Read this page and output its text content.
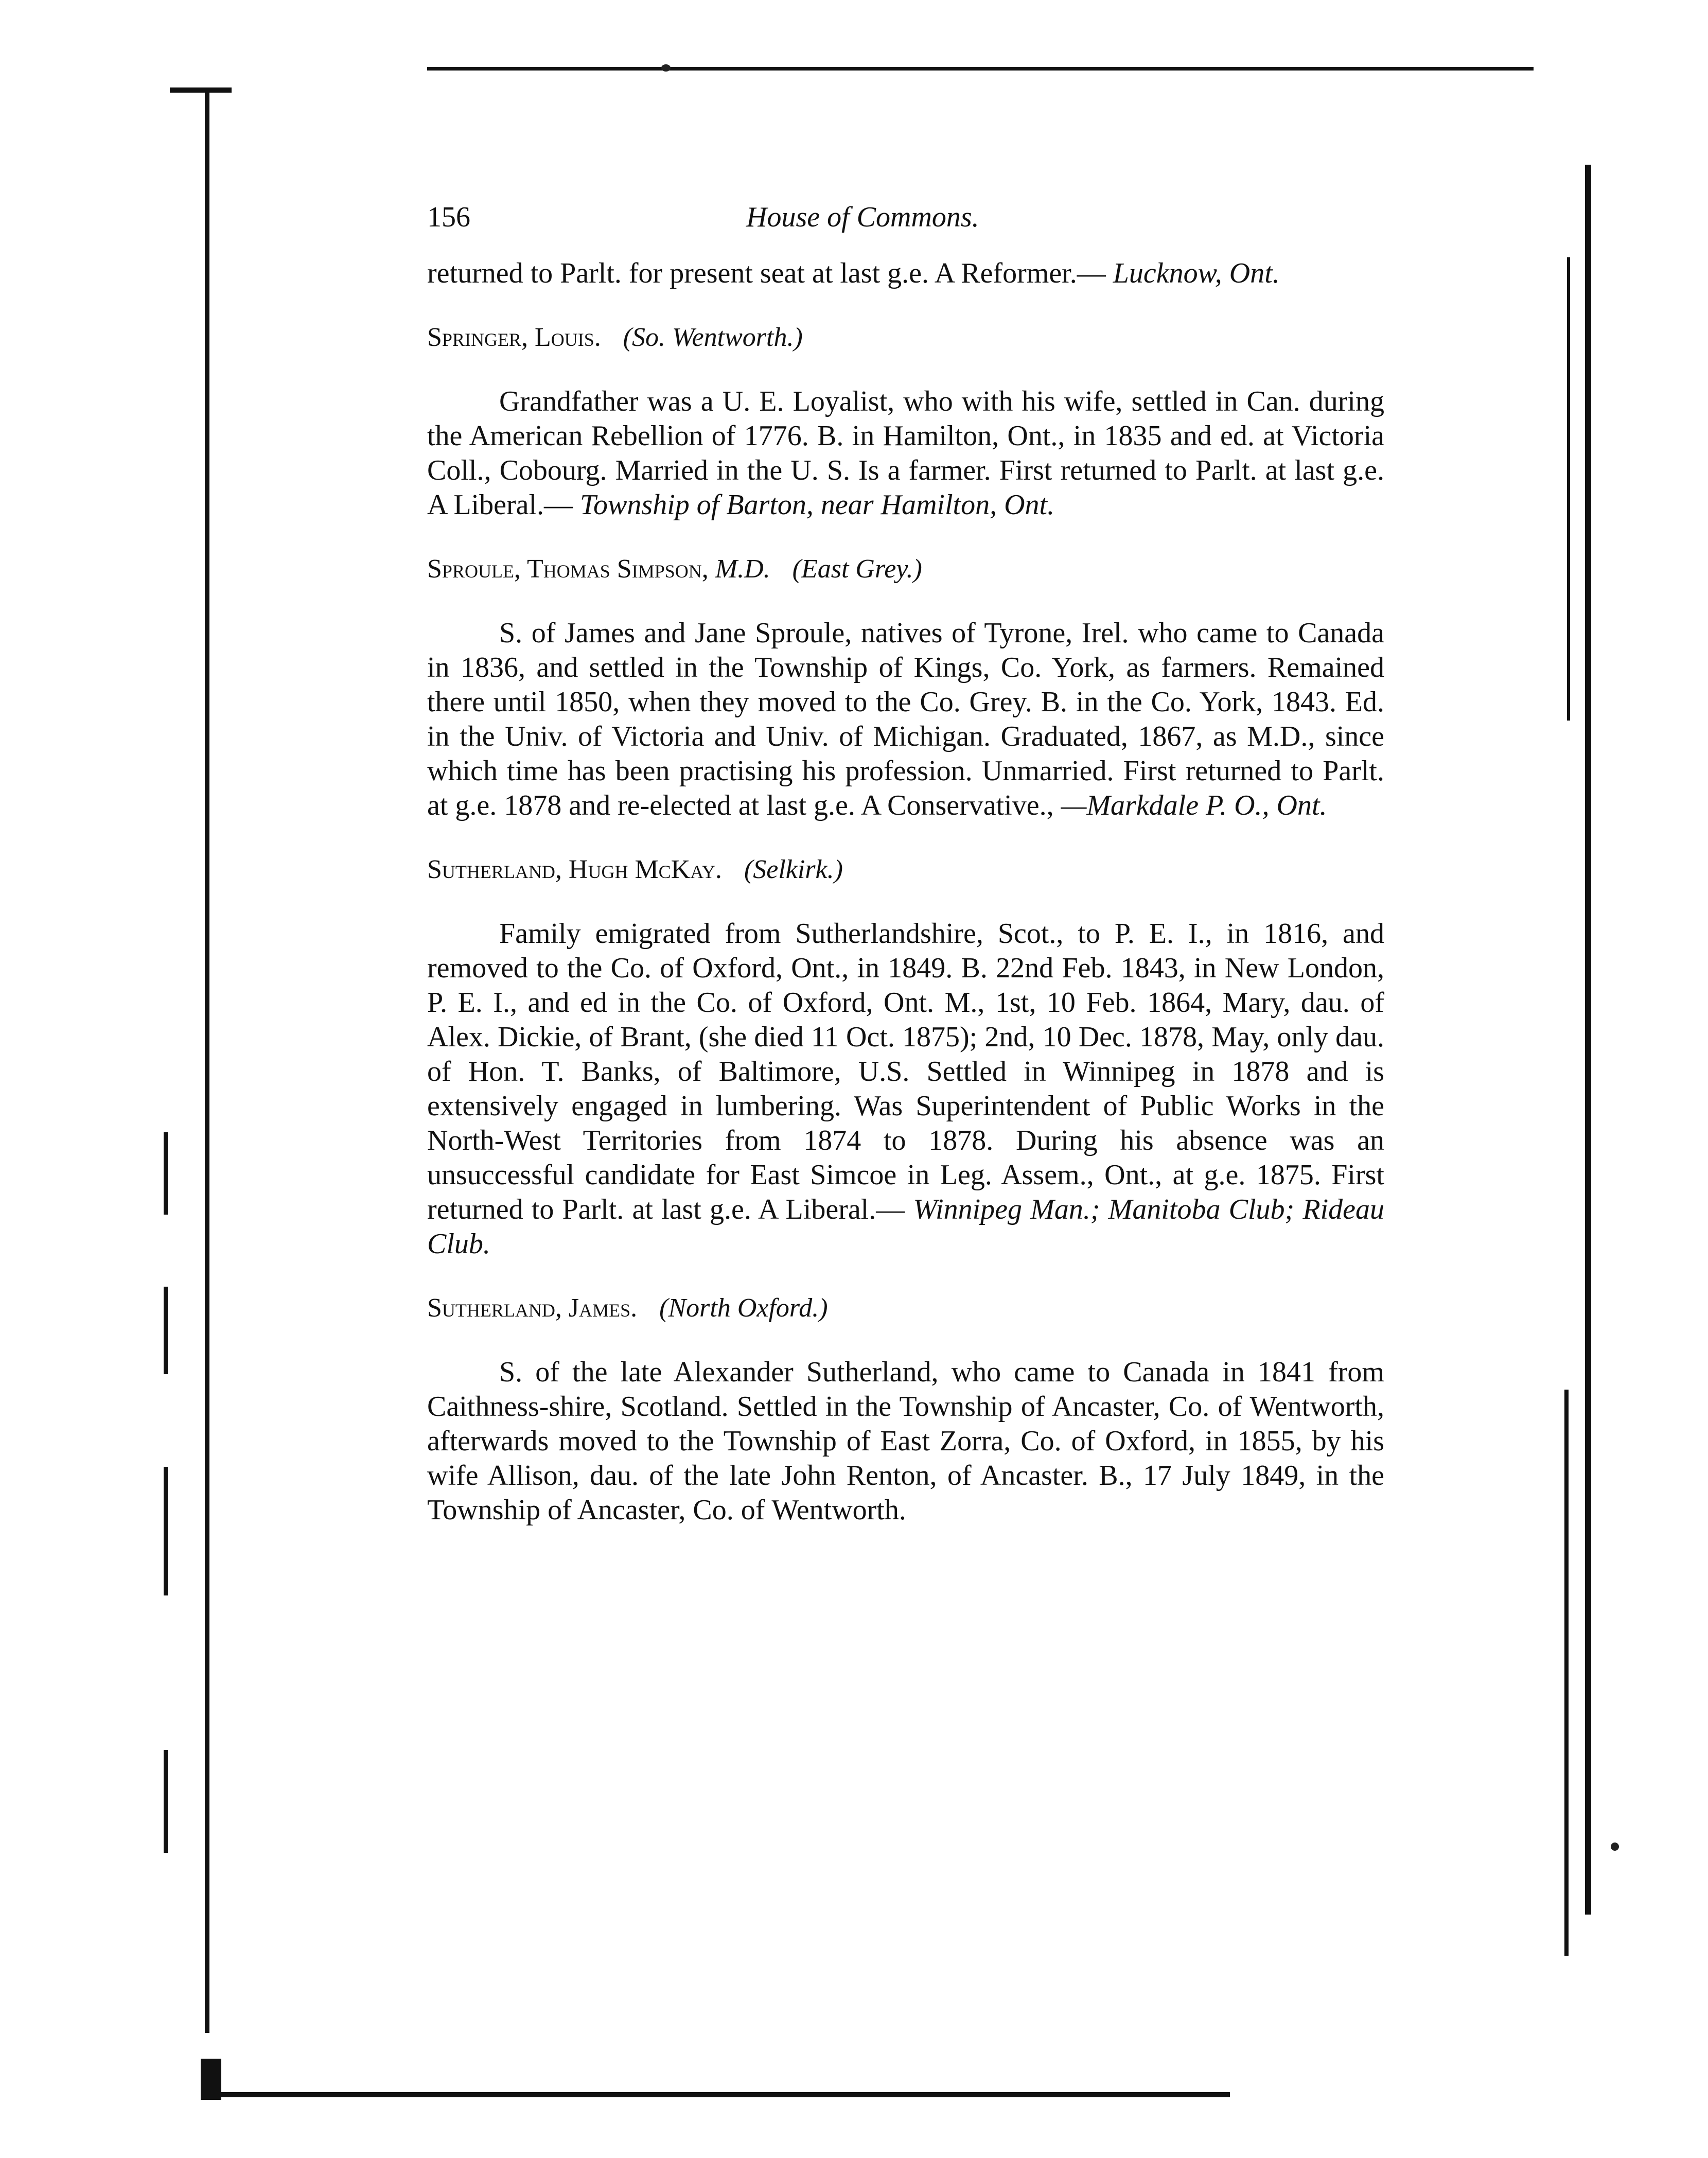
156	House of Commons.

returned to Parlt. for present seat at last g.e. A Reformer.— Lucknow, Ont.

Springer, Louis. (So. Wentworth.)

Grandfather was a U. E. Loyalist, who with his wife, settled in Can. during the American Rebellion of 1776. B. in Hamilton, Ont., in 1835 and ed. at Victoria Coll., Cobourg. Married in the U. S. Is a farmer. First returned to Parlt. at last g.e. A Liberal.— Township of Barton, near Hamilton, Ont.

Sproule, Thomas Simpson, M.D. (East Grey.)

S. of James and Jane Sproule, natives of Tyrone, Irel. who came to Canada in 1836, and settled in the Township of Kings, Co. York, as farmers. Remained there until 1850, when they moved to the Co. Grey. B. in the Co. York, 1843. Ed. in the Univ. of Victoria and Univ. of Michigan. Graduated, 1867, as M.D., since which time has been practising his profession. Unmarried. First returned to Parlt. at g.e. 1878 and re-elected at last g.e. A Conservative., —Markdale P. O., Ont.

Sutherland, Hugh McKay. (Selkirk.)

Family emigrated from Sutherlandshire, Scot., to P. E. I., in 1816, and removed to the Co. of Oxford, Ont., in 1849. B. 22nd Feb. 1843, in New London, P. E. I., and ed in the Co. of Oxford, Ont. M., 1st, 10 Feb. 1864, Mary, dau. of Alex. Dickie, of Brant, (she died 11 Oct. 1875); 2nd, 10 Dec. 1878, May, only dau. of Hon. T. Banks, of Baltimore, U.S. Settled in Winnipeg in 1878 and is extensively engaged in lumbering. Was Superintendent of Public Works in the North-West Territories from 1874 to 1878. During his absence was an unsuccessful candidate for East Simcoe in Leg. Assem., Ont., at g.e. 1875. First returned to Parlt. at last g.e. A Liberal.— Winnipeg Man.; Manitoba Club; Rideau Club.

Sutherland, James. (North Oxford.)

S. of the late Alexander Sutherland, who came to Canada in 1841 from Caithness-shire, Scotland. Settled in the Township of Ancaster, Co. of Wentworth, afterwards moved to the Township of East Zorra, Co. of Oxford, in 1855, by his wife Allison, dau. of the late John Renton, of Ancaster. B., 17 July 1849, in the Township of Ancaster, Co. of Wentworth.
